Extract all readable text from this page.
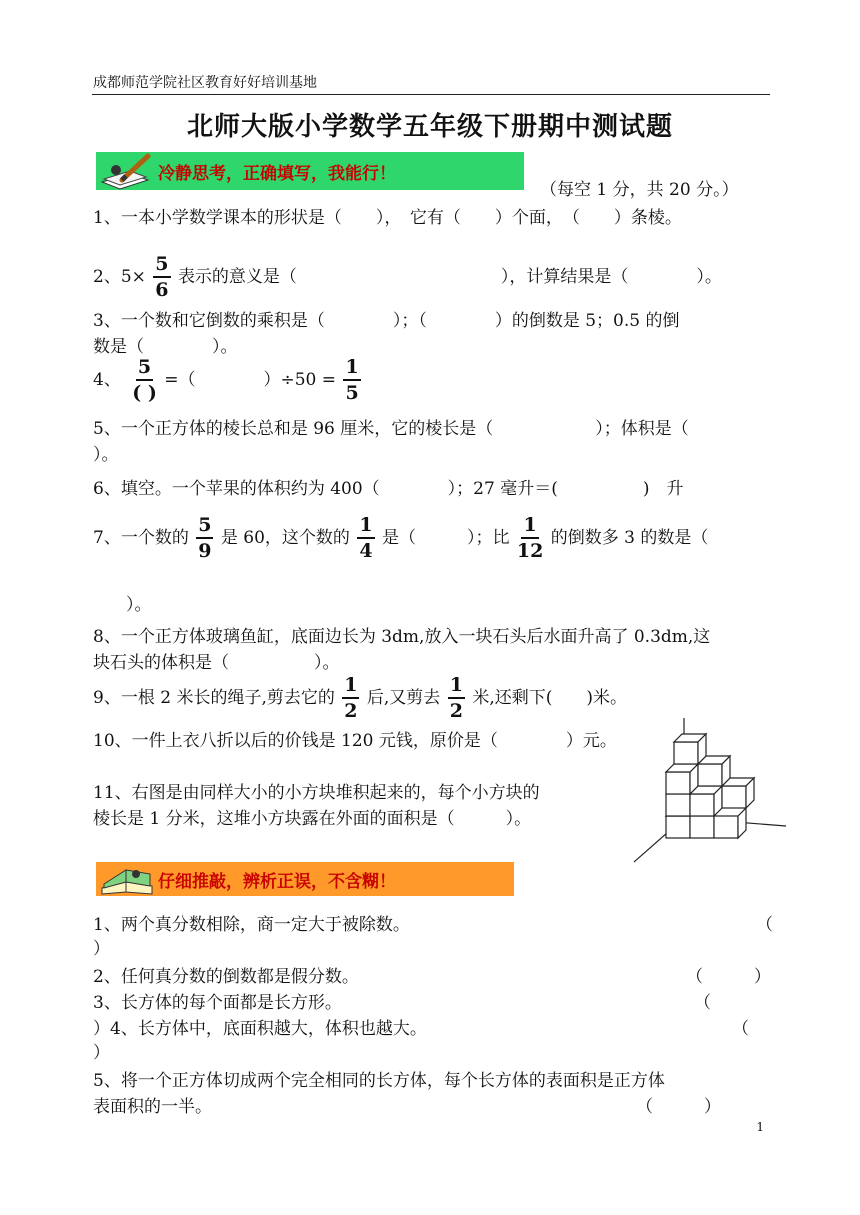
成都师范学院社区教育好好培训基地
北师大版小学数学五年级下册期中测试题
冷静思考，正确填写，我能行！
（每空 1 分，共 20 分。）
1、一本小学数学课本的形状是（　　），　它有（　　）个面，　（　　）条棱。
2、$5\times \frac{5}{6}$ 表示的意义是（　　　　　　　　　　　　），计算结果是（　　　　）。
3、一个数和它倒数的乘积是（　　　　）；（　　　　）的倒数是 5；0.5 的倒
数是（　　　　）。
4、 $\frac{5}{( )}$ =（　　　　）$\div 50 = \frac{1}{5}$
5、一个正方体的棱长总和是 96 厘米，它的棱长是（　　　　　　）；体积是（
）。
6、填空。一个苹果的体积约为 400（　　　　）；27 毫升＝(　　　　　)　升
7、一个数的 $\frac{5}{9}$ 是 60，这个数的 $\frac{1}{4}$ 是（　　　）；比 $\frac{1}{12}$ 的倒数多 3 的数是（
）。
8、一个正方体玻璃鱼缸，底面边长为 3dm,放入一块石头后水面升高了 0.3dm,这
块石头的体积是（　　　　　）。
9、一根 2 米长的绳子,剪去它的 $\frac{1}{2}$ 后,又剪去 $\frac{1}{2}$ 米,还剩下(　　)米。
10、一件上衣八折以后的价钱是 120 元钱，原价是（　　　　）元。
11、右图是由同样大小的小方块堆积起来的，每个小方块的
棱长是 1 分米，这堆小方块露在外面的面积是（　　　）。
仔细推敲，辨析正误，不含糊！
1、两个真分数相除，商一定大于被除数。	（
）
2、任何真分数的倒数都是假分数。	（　　　）
3、长方体的每个面都是长方形。	（
）4、长方体中，底面积越大，体积也越大。	（
）
5、将一个正方体切成两个完全相同的长方体，每个长方体的表面积是正方体
表面积的一半。	（　　　）
1
